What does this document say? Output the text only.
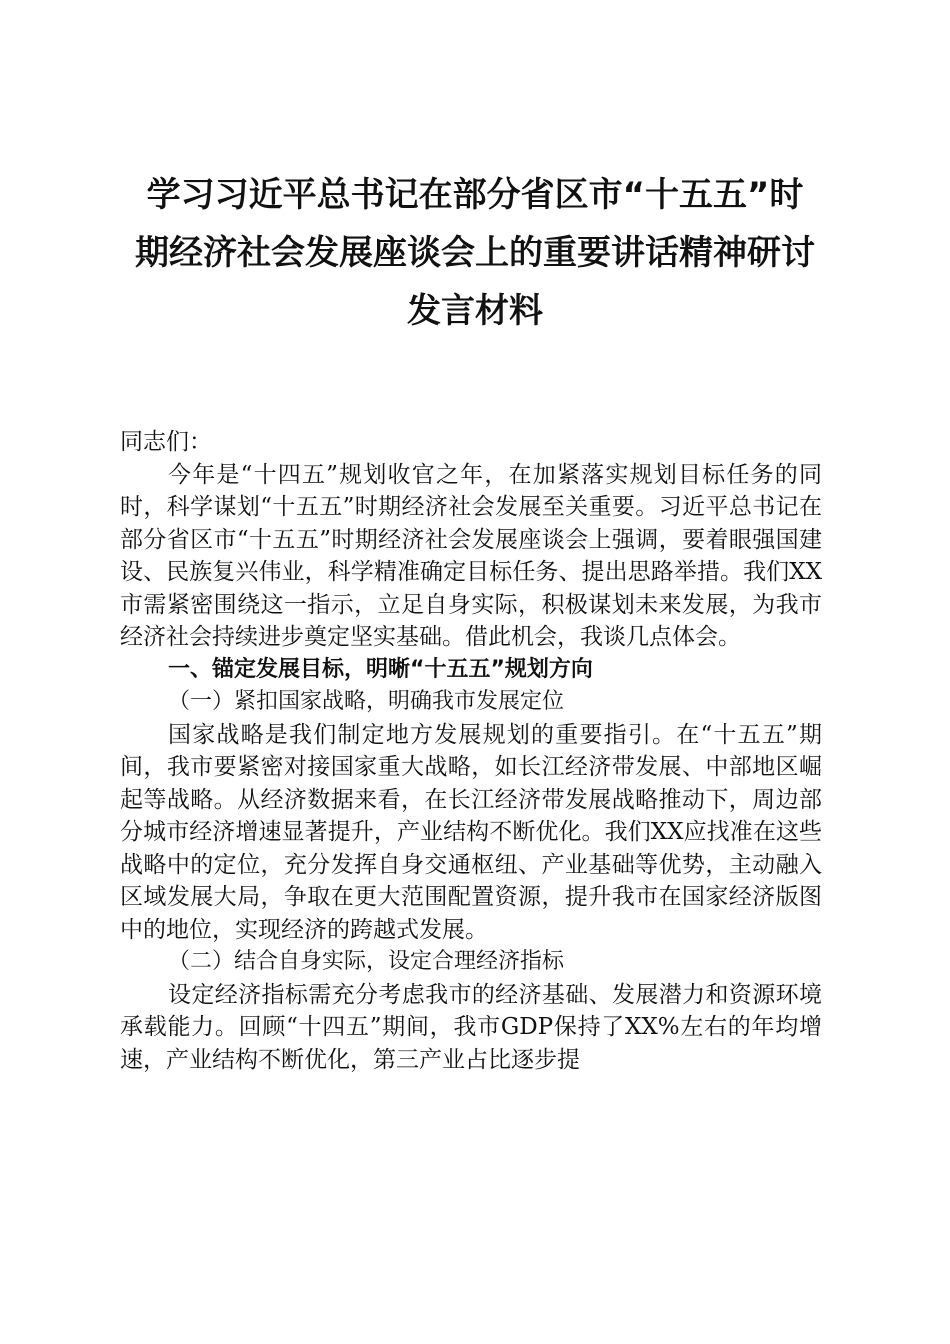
学习习近平总书记在部分省区市“十五五”时
期经济社会发展座谈会上的重要讲话精神研讨
发言材料

同志们：

今年是“十四五”规划收官之年，在加紧落实规划目标任务的同时，科学谋划“十五五”时期经济社会发展至关重要。习近平总书记在部分省区市“十五五”时期经济社会发展座谈会上强调，要着眼强国建设、民族复兴伟业，科学精准确定目标任务、提出思路举措。我们XX市需紧密围绕这一指示，立足自身实际，积极谋划未来发展，为我市经济社会持续进步奠定坚实基础。借此机会，我谈几点体会。

一、锚定发展目标，明晰“十五五”规划方向

（一）紧扣国家战略，明确我市发展定位

国家战略是我们制定地方发展规划的重要指引。在“十五五”期间，我市要紧密对接国家重大战略，如长江经济带发展、中部地区崛起等战略。从经济数据来看，在长江经济带发展战略推动下，周边部分城市经济增速显著提升，产业结构不断优化。我们XX应找准在这些战略中的定位，充分发挥自身交通枢纽、产业基础等优势，主动融入区域发展大局，争取在更大范围配置资源，提升我市在国家经济版图中的地位，实现经济的跨越式发展。

（二）结合自身实际，设定合理经济指标

设定经济指标需充分考虑我市的经济基础、发展潜力和资源环境承载能力。回顾“十四五”期间，我市GDP保持了XX%左右的年均增速，产业结构不断优化，第三产业占比逐步提
